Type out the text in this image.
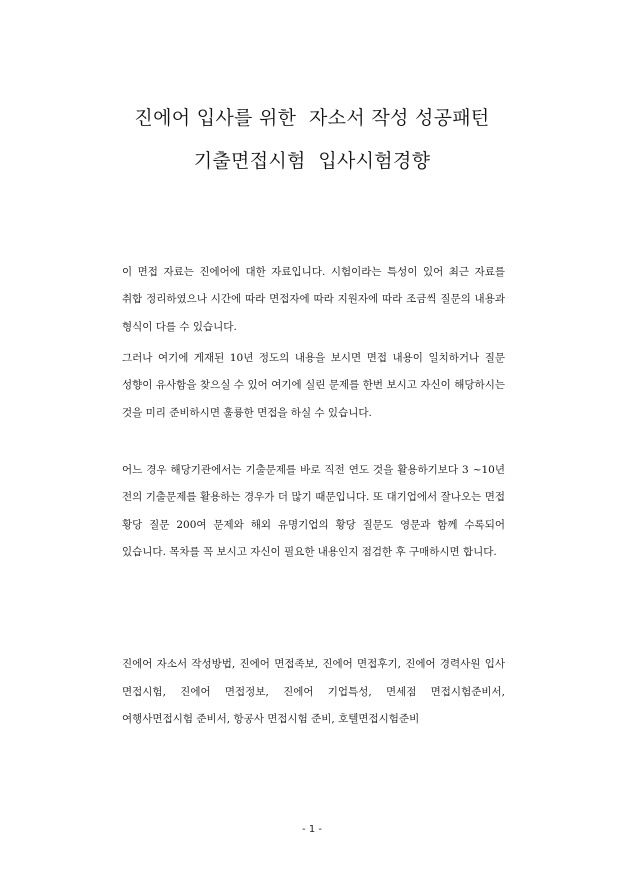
진에어 입사를 위한  자소서 작성 성공패턴
기출면접시험  입사시험경향

이 면접 자료는 진에어에 대한 자료입니다. 시험이라는 특성이 있어 최근 자료를 취합 정리하였으나 시간에 따라 면접자에 따라 지원자에 따라 조금씩 질문의 내용과 형식이 다를 수 있습니다.

그러나 여기에 게재된 10년 정도의 내용을 보시면 면접 내용이 일치하거나 질문 성향이 유사함을 찾으실 수 있어 여기에 실린 문제를 한번 보시고 자신이 해당하시는 것을 미리 준비하시면 훌륭한 면접을 하실 수 있습니다.

어느 경우 해당기관에서는 기출문제를 바로 직전 연도 것을 활용하기보다 3 ~10년 전의 기출문제를 활용하는 경우가 더 많기 때문입니다. 또 대기업에서 잘나오는 면접 황당 질문 200여 문제와 해외 유명기업의 황당 질문도 영문과 함께 수록되어 있습니다. 목차를 꼭 보시고 자신이 필요한 내용인지 점검한 후 구매하시면 합니다.

진에어 자소서 작성방법, 진에어 면접족보, 진에어 면접후기, 진에어 경력사원 입사 면접시험, 진에어 면접정보, 진에어 기업특성, 면세점 면접시험준비서, 여행사면접시험 준비서, 항공사 면접시험 준비, 호텔면접시험준비

- 1 -
